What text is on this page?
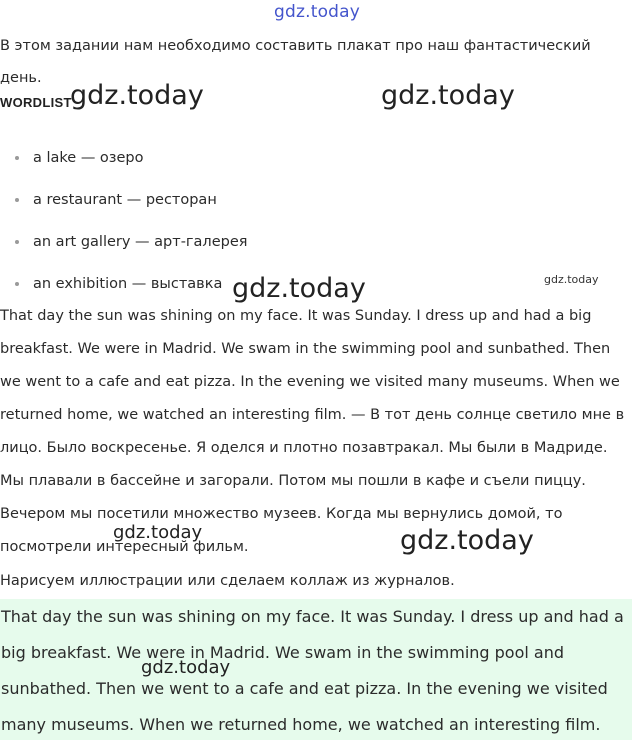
В этом задании нам необходимо составить плакат про наш фантастический день.
WORDLIST
a lake — озеро
a restaurant — ресторан
an art gallery — арт-галерея
an exhibition — выставка
That day the sun was shining on my face. It was Sunday. I dress up and had a big breakfast. We were in Madrid. We swam in the swimming pool and sunbathed. Then we went to a cafe and eat pizza. In the evening we visited many museums. When we returned home, we watched an interesting film. — В тот день солнце светило мне в лицо. Было воскресенье. Я оделся и плотно позавтракал. Мы были в Мадриде. Мы плавали в бассейне и загорали. Потом мы пошли в кафе и съели пиццу. Вечером мы посетили множество музеев. Когда мы вернулись домой, то посмотрели интересный фильм.
Нарисуем иллюстрации или сделаем коллаж из журналов.

That day the sun was shining on my face. It was Sunday. I dress up and had a big breakfast. We were in Madrid. We swam in the swimming pool and sunbathed. Then we went to a cafe and eat pizza. In the evening we visited many museums. When we returned home, we watched an interesting film.

gdz.today
gdz.today	gdz.today
gdz.today	gdz.today
gdz.today	gdz.today
gdz.today
